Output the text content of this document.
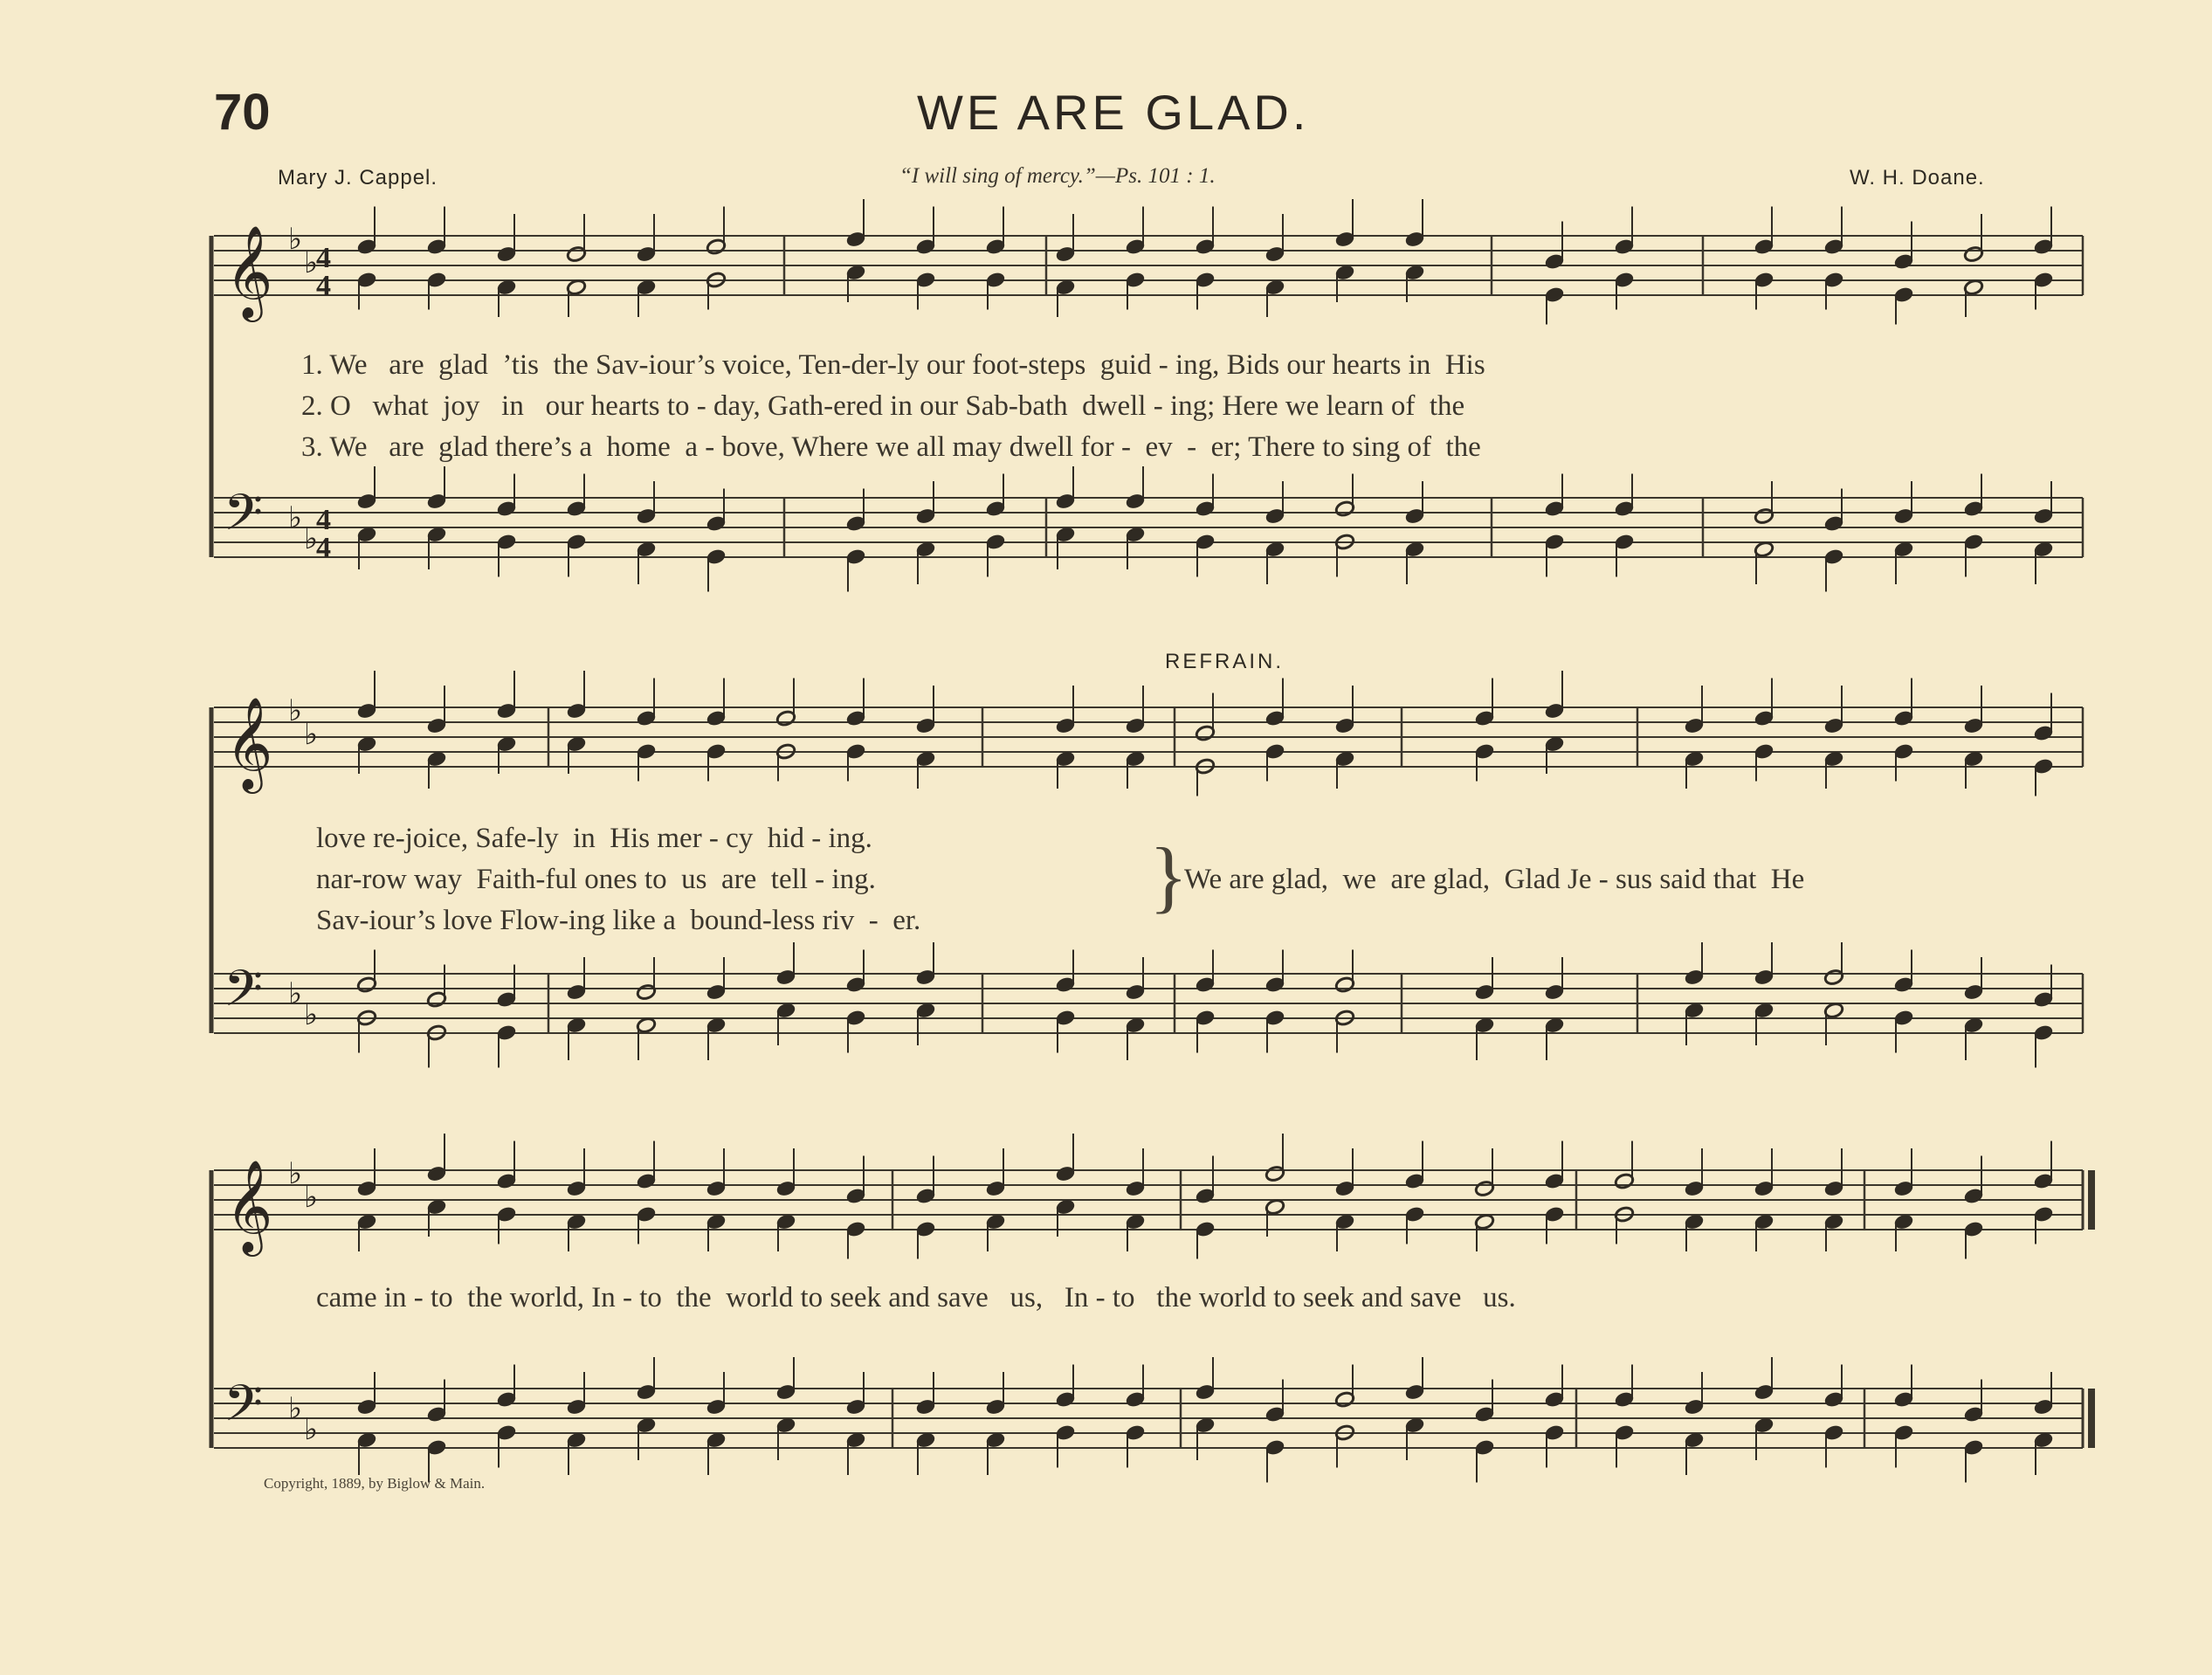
70	WE ARE GLAD.
Mary J. Cappel.	“I will sing of mercy.”—Ps. 101 : 1.	W. H. Doane.
REFRAIN.
𝄞 ♭
♭
4
4
𝄢 ♭
♭
4
4
𝄞 ♭
♭
𝄢 ♭
♭
𝄞 ♭
♭
𝄢 ♭
♭
1. We   are  glad  ’tis  the Sav-iour’s voice, Ten-der-ly our foot-steps  guid - ing, Bids our hearts in  His
2. O   what  joy   in   our hearts to - day, Gath-ered in our Sab-bath  dwell - ing; Here we learn of  the
3. We   are  glad there’s a  home  a - bove, Where we all may dwell for -  ev  -  er; There to sing of  the
love re-joice, Safe-ly  in  His mer - cy  hid - ing.
nar-row way  Faith-ful ones to  us  are  tell - ing.
Sav-iour’s love Flow-ing like a  bound-less riv  -  er.	}
We are glad,  we  are glad,  Glad Je - sus said that  He
came in - to  the world, In - to  the  world to seek and save   us,   In - to   the world to seek and save   us.
Copyright, 1889, by Biglow & Main.
